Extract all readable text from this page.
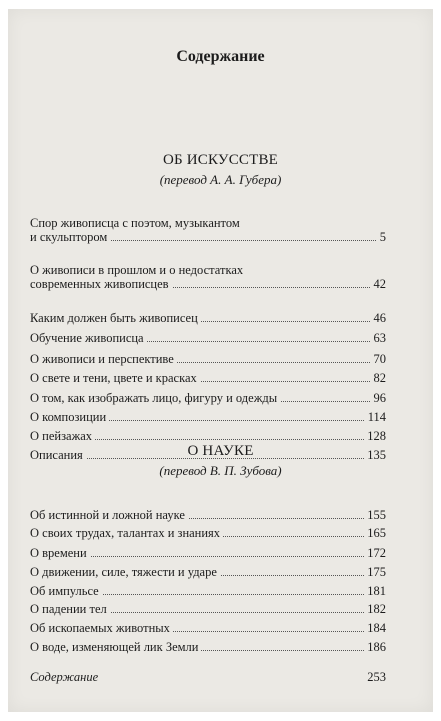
Содержание
ОБ ИСКУССТВЕ
(перевод А. А. Губера)
Спор живописца с поэтом, музыкантом
и скульптором	5
О живописи в прошлом и о недостатках
современных живописцев	42
Каким должен быть живописец	46
Обучение живописца	63
О живописи и перспективе	70
О свете и тени, цвете и красках	82
О том, как изображать лицо, фигуру и одежды	96
О композиции	114
О пейзажах	128
Описания	135
О НАУКЕ
(перевод В. П. Зубова)
Об истинной и ложной науке	155
О своих трудах, талантах и знаниях	165
О времени	172
О движении, силе, тяжести и ударе	175
Об импульсе	181
О падении тел	182
Об ископаемых животных	184
О воде, изменяющей лик Земли	186
Содержание	253
